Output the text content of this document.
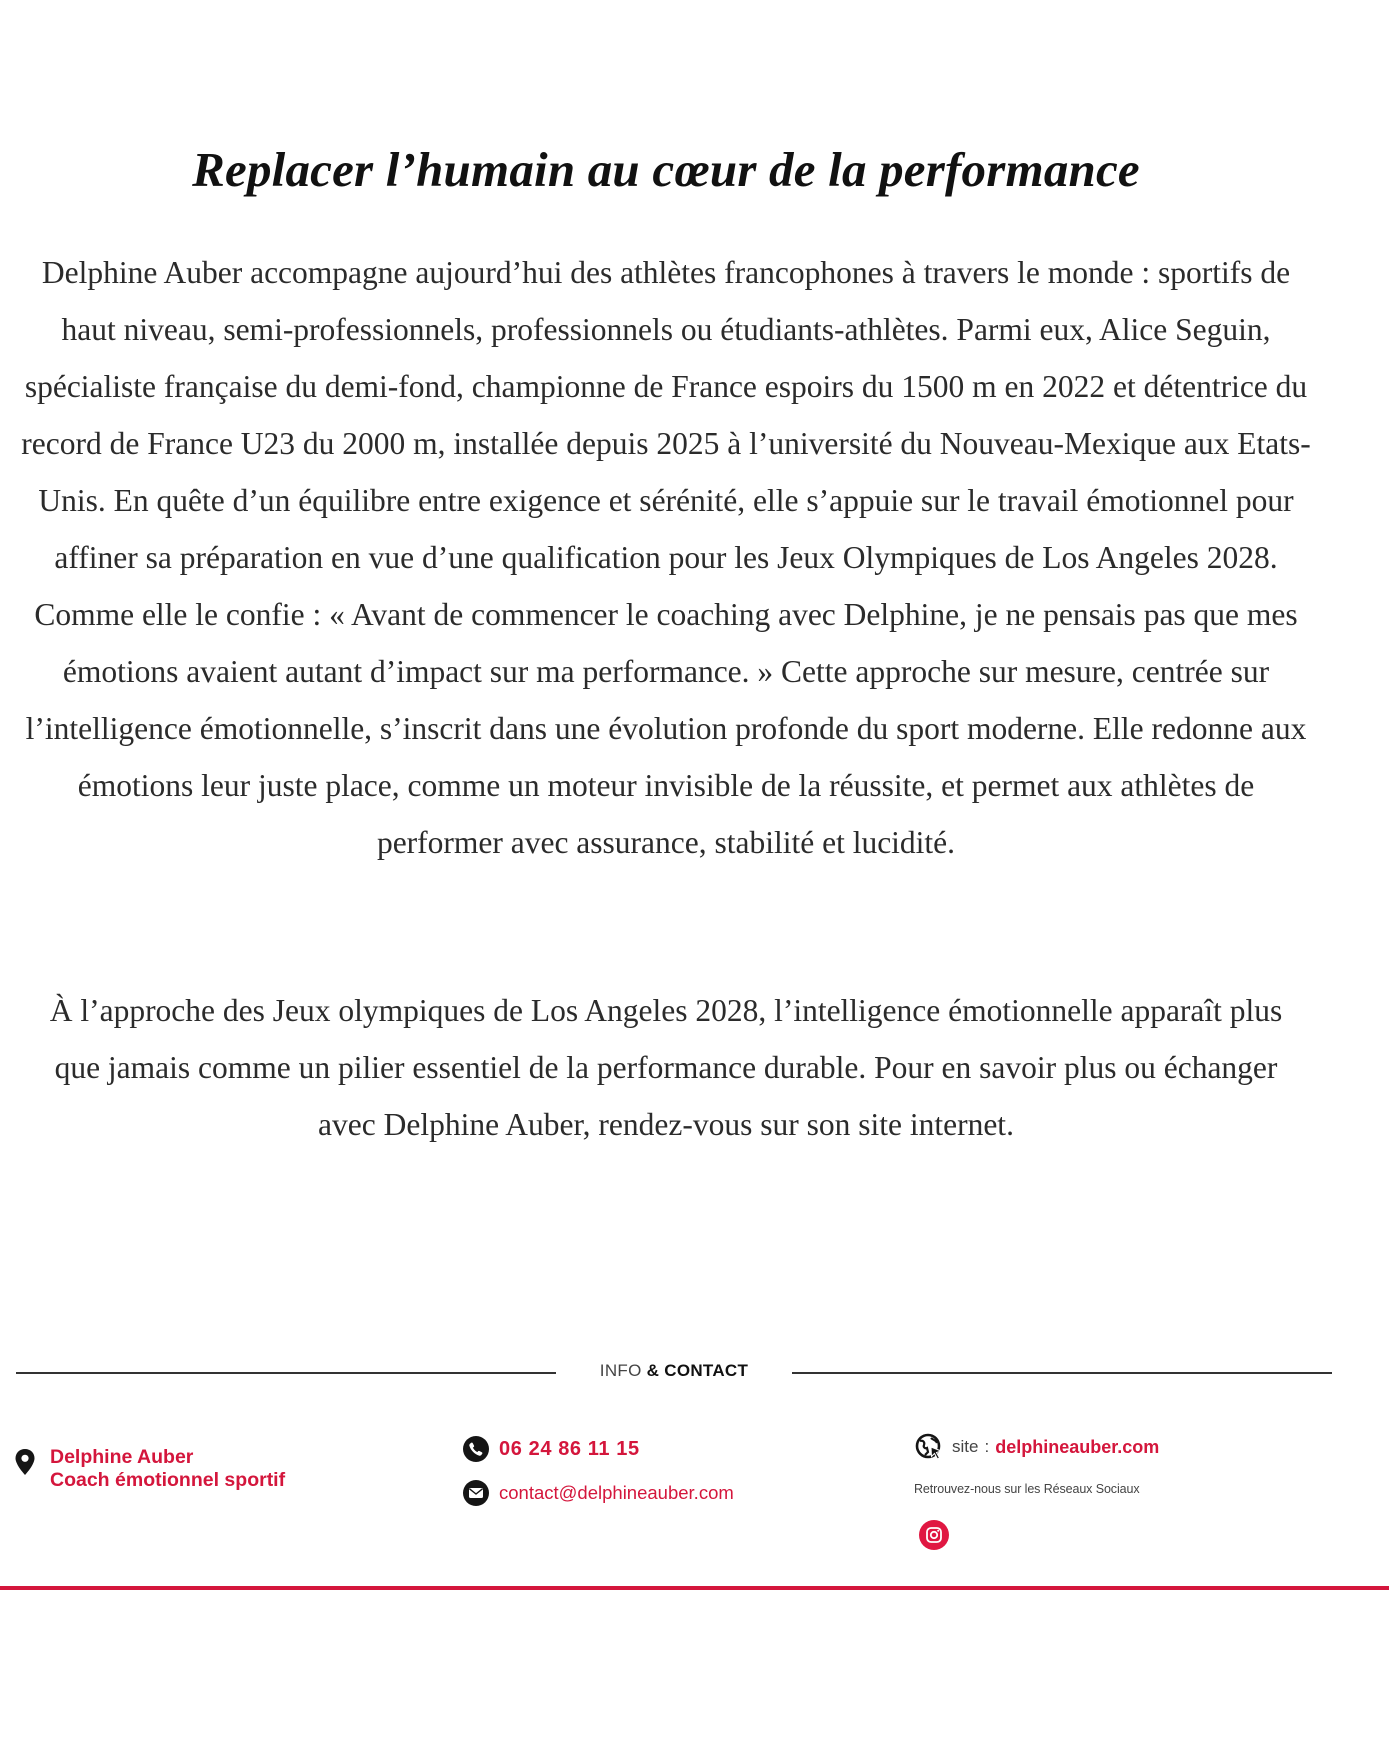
Replacer l’humain au cœur de la performance

Delphine Auber accompagne aujourd’hui des athlètes francophones à travers le monde : sportifs de haut niveau, semi-professionnels, professionnels ou étudiants-athlètes. Parmi eux, Alice Seguin, spécialiste française du demi-fond, championne de France espoirs du 1500 m en 2022 et détentrice du record de France U23 du 2000 m, installée depuis 2025 à l’université du Nouveau-Mexique aux Etats-Unis. En quête d’un équilibre entre exigence et sérénité, elle s’appuie sur le travail émotionnel pour affiner sa préparation en vue d’une qualification pour les Jeux Olympiques de Los Angeles 2028. Comme elle le confie : « Avant de commencer le coaching avec Delphine, je ne pensais pas que mes émotions avaient autant d’impact sur ma performance. » Cette approche sur mesure, centrée sur l’intelligence émotionnelle, s’inscrit dans une évolution profonde du sport moderne. Elle redonne aux émotions leur juste place, comme un moteur invisible de la réussite, et permet aux athlètes de performer avec assurance, stabilité et lucidité.

À l’approche des Jeux olympiques de Los Angeles 2028, l’intelligence émotionnelle apparaît plus que jamais comme un pilier essentiel de la performance durable. Pour en savoir plus ou échanger avec Delphine Auber, rendez-vous sur son site internet.

INFO & CONTACT
Delphine Auber
Coach émotionnel sportif
06 24 86 11 15
contact@delphineauber.com
site : delphineauber.com
Retrouvez-nous sur les Réseaux Sociaux
